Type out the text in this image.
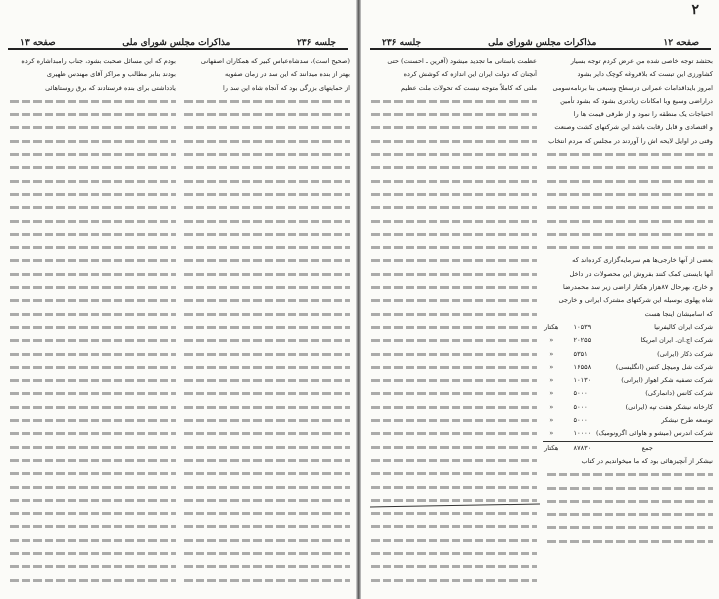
۲
صفحه ۱۲
مذاکرات مجلس شورای ملی
جلسه ۲۳۶
بحثشد توجه خاصی شده من عرض کردم توجه بسیار
کشاورزی این تبست که بلافروغه کوچک دایر بشود
امروز بایداقدامات عمرانی درسطح وسیعی بنا برنامه‌سومی
دراراضی وسیع وبا امکانات زیادتری بشود که بشود تأمین
احتیاجات یک منطقه را نمود و از طرفی قیمت ها را
و اقتصادی و قابل رقابت باشد این شرکتهای کشت وصنعت
وقتی در اوایل لایحه اش را آوردند در مجلس که مردم انتخاب
بعضی از آنها خارجی‌ها هم سرمایه‌گزاری کرده‌اند که
آنها بایستی کمک کنند بفروش این محصولات در داخل
و خارج، بهرحال ۸۷هزار هکتار اراضی زیر سد محمدرضا
شاه پهلوی بوسیله این شرکتهای مشترک ایرانی و خارجی
که اسامیشان اینجا هست
شرکت ایران کالیفرنیا	۱۰۵۳۹	هکتار
شرکت اچ.ان. ایران امریکا	۲۰۲۵۵	«
شرکت ذکار (ایرانی)	۵۳۵۱	«
شرکت شل ومیچل کتس (انگلیسی)	۱۶۵۵۸	«
شرکت تصفیه شکر اهواز (ایرانی)	۱۰۱۳۰	«
شرکت کانس (دانمارکی)	۵۰۰۰	«
کارخانه نیشکر هفت تپه (ایرانی)	۵۰۰۰	«
توسعه طرح نیشکر	۵۰۰۰	«
شرکت اندرس (میشو و هاوائی اگرونومیک)	۱۰۰۰۰	«
جمع	۸۷۸۳۰	هکتار
نیشکر از آنچیزهائی بود که ما میخواندیم در کتاب
عظمت باستانی ما تجدید میشود (آفرین ـ احسنت) حتی
آنچنان که دولت ایران این اندازه که کوشش کرده
ملتی که کاملاً متوجه نیست که تحولات ملت عظیم
جلسه ۲۳۶
مذاکرات مجلس شورای ملی
صفحه ۱۳
(صحیح است)، سدشاه‌عباس کبیر که همکاران اصفهانی
بهتر از بنده میدانند که این سد در زمان صفویه
از حمایتهای بزرگی بود که آنجاه شاه این سد را
بودم که این مسائل صحبت بشود، جناب رامبداشاره کرده
بودند بنابر مطالب و مراکز آقای مهندس ظهیری
یادداشتی برای بنده فرستادند که برق روستاهائی
